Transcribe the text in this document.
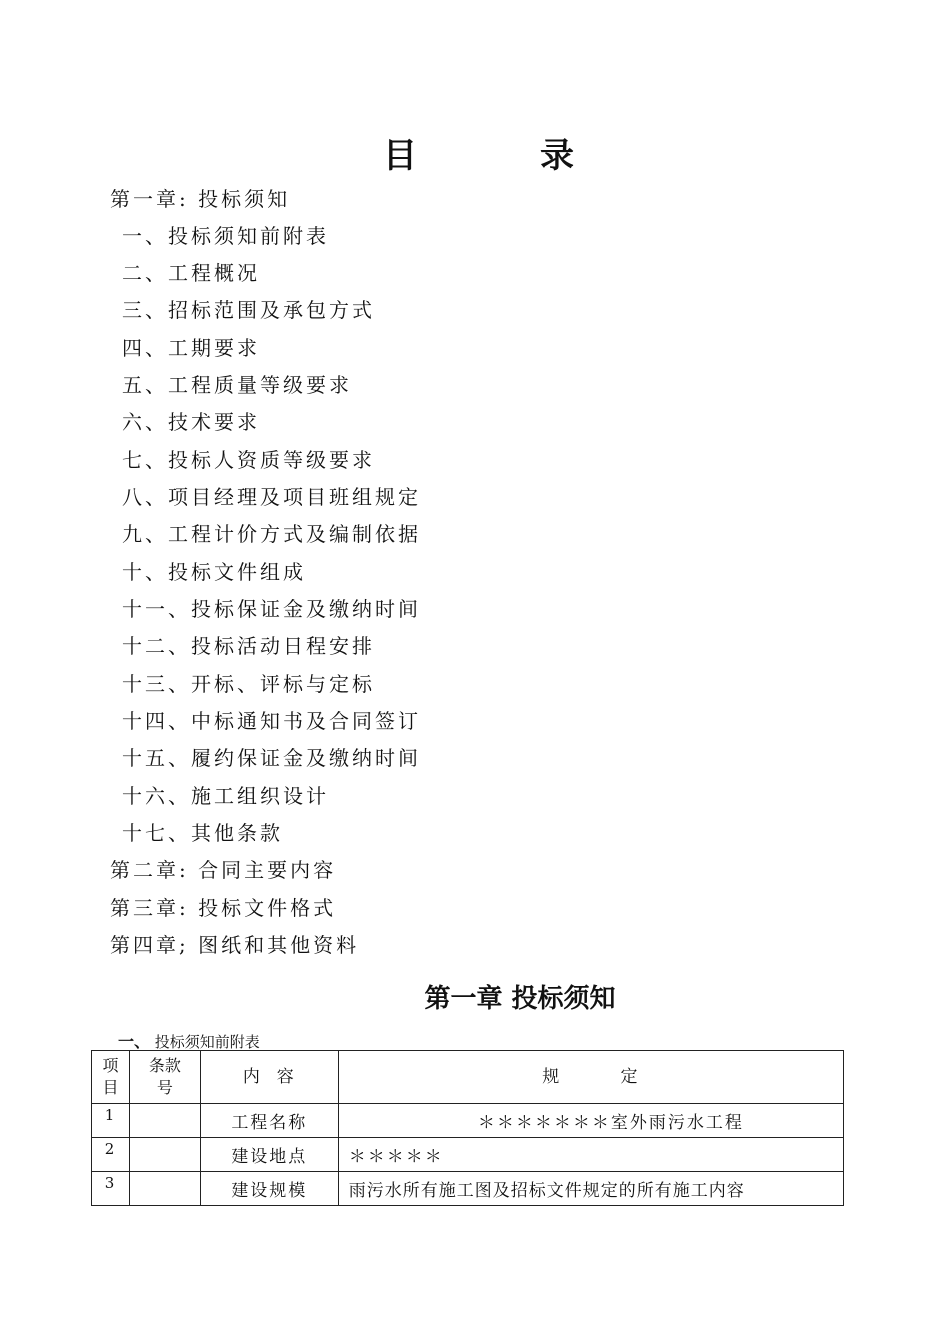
目	录
第一章: 投标须知
一、投标须知前附表
二、工程概况
三、招标范围及承包方式
四、工期要求
五、工程质量等级要求
六、技术要求
七、投标人资质等级要求
八、项目经理及项目班组规定
九、工程计价方式及编制依据
十、投标文件组成
十一、投标保证金及缴纳时间
十二、投标活动日程安排
十三、开标、评标与定标
十四、中标通知书及合同签订
十五、履约保证金及缴纳时间
十六、施工组织设计
十七、其他条款
第二章: 合同主要内容
第三章: 投标文件格式
第四章; 图纸和其他资料
第一章 投标须知
一、 投标须知前附表
项目	条款号	内  容	规        定
1		工程名称	＊＊＊＊＊＊＊室外雨污水工程
2		建设地点	＊＊＊＊＊
3		建设规模	雨污水所有施工图及招标文件规定的所有施工内容
